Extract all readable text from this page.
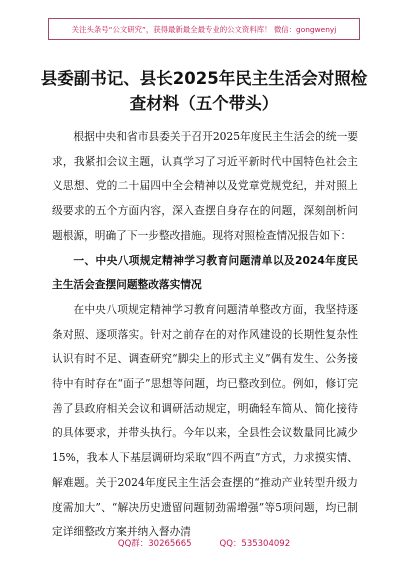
关注头条号“公文研究”，获得最新最全最专业的公文资料库！ 微信：gongwenyj
县委副书记、县长2025年民主生活会对照检查材料（五个带头）

根据中央和省市县委关于召开2025年度民主生活会的统一要求，我紧扣会议主题，认真学习了习近平新时代中国特色社会主义思想、党的二十届四中全会精神以及党章党规党纪，并对照上级要求的五个方面内容，深入查摆自身存在的问题，深刻剖析问题根源，明确了下一步整改措施。现将对照检查情况报告如下：

一、中央八项规定精神学习教育问题清单以及2024年度民主生活会查摆问题整改落实情况

在中央八项规定精神学习教育问题清单整改方面，我坚持逐条对照、逐项落实。针对之前存在的对作风建设的长期性复杂性认识有时不足、调查研究“脚尖上的形式主义”偶有发生、公务接待中有时存在“面子”思想等问题，均已整改到位。例如，修订完善了县政府相关会议和调研活动规定，明确轻车简从、简化接待的具体要求，并带头执行。今年以来，全县性会议数量同比减少15%，我本人下基层调研均采取“四不两直”方式，力求摸实情、解难题。关于2024年度民主生活会查摆的“推动产业转型升级力度需加大”、“解决历史遗留问题韧劲需增强”等5项问题，均已制定详细整改方案并纳入督办清

QQ群：30265665	QQ：535304092
